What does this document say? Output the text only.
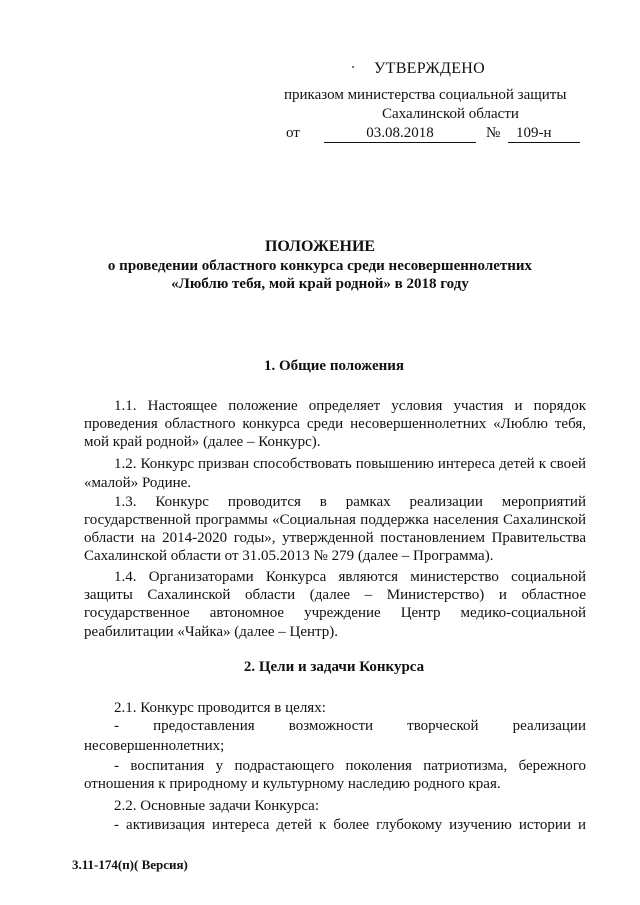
УТВЕРЖДЕНО
приказом министерства социальной защиты
Сахалинской области
от	03.08.2018	№	109-н
ПОЛОЖЕНИЕ
о проведении областного конкурса среди несовершеннолетних
«Люблю тебя, мой край родной» в 2018 году
1. Общие положения
1.1. Настоящее положение определяет условия участия и порядок
проведения областного конкурса среди несовершеннолетних «Люблю тебя,
мой край родной» (далее – Конкурс).
1.2. Конкурс призван способствовать повышению интереса детей к своей
«малой» Родине.
1.3. Конкурс проводится в рамках реализации мероприятий
государственной программы «Социальная поддержка населения Сахалинской
области на 2014-2020 годы», утвержденной постановлением Правительства
Сахалинской области от 31.05.2013 № 279 (далее – Программа).
1.4. Организаторами Конкурса являются министерство социальной
защиты Сахалинской области (далее – Министерство) и областное
государственное автономное учреждение Центр медико-социальной
реабилитации «Чайка» (далее – Центр).
2. Цели и задачи Конкурса
2.1. Конкурс проводится в целях:
- предоставления возможности творческой реализации
несовершеннолетних;
- воспитания у подрастающего поколения патриотизма, бережного
отношения к природному и культурному наследию родного края.
2.2. Основные задачи Конкурса:
- активизация интереса детей к более глубокому изучению истории и
3.11-174(п)( Версия)
